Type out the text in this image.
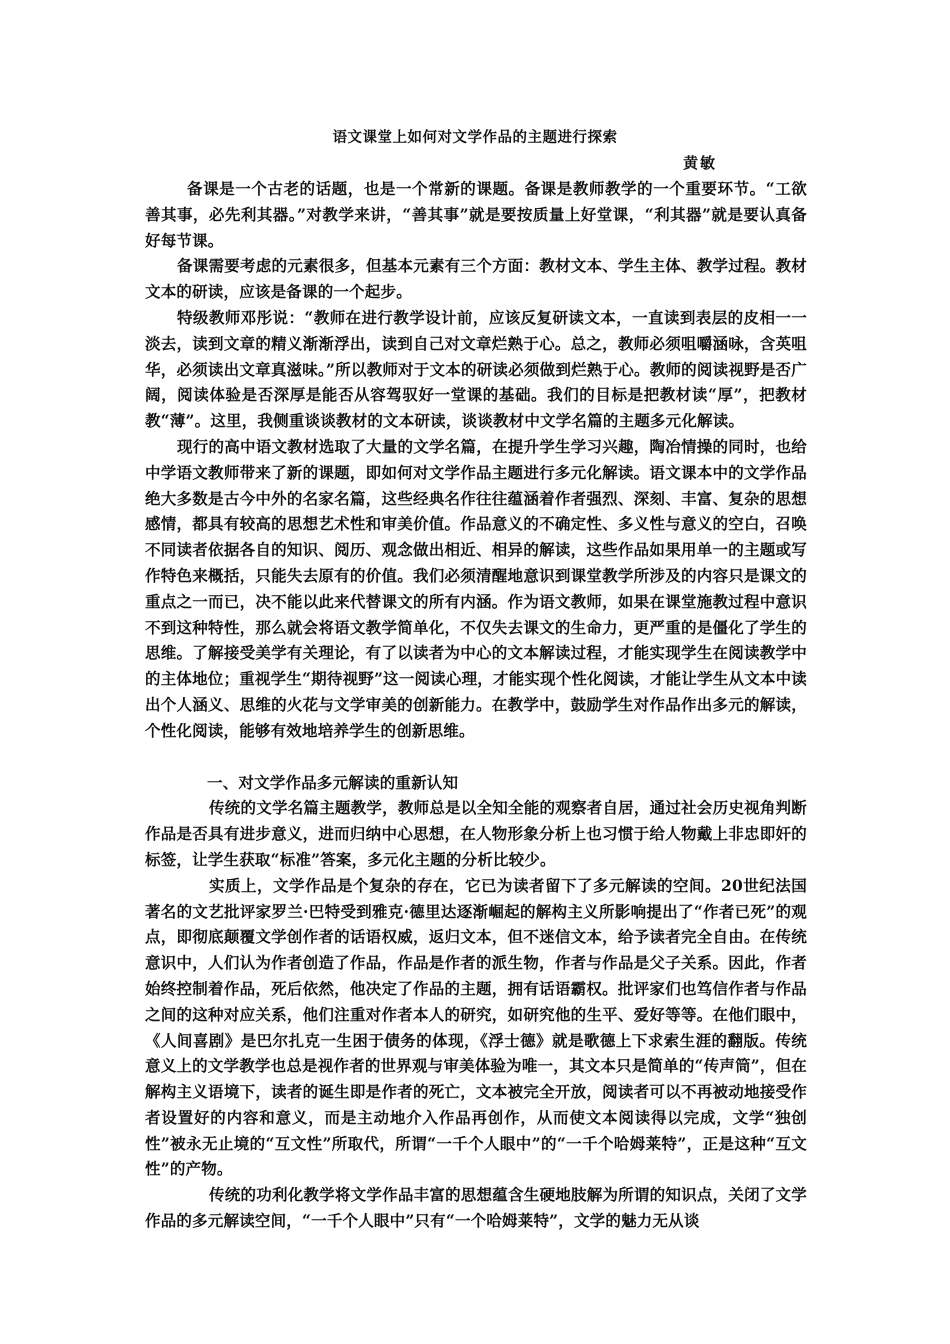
语文课堂上如何对文学作品的主题进行探索
黄敏

备课是一个古老的话题，也是一个常新的课题。备课是教师教学的一个重要环节。“工欲善其事，必先利其器。”对教学来讲，“善其事”就是要按质量上好堂课，“利其器”就是要认真备好每节课。

备课需要考虑的元素很多，但基本元素有三个方面：教材文本、学生主体、教学过程。教材文本的研读，应该是备课的一个起步。

特级教师邓彤说：“教师在进行教学设计前，应该反复研读文本，一直读到表层的皮相一一淡去，读到文章的精义渐渐浮出，读到自己对文章烂熟于心。总之，教师必须咀嚼涵咏，含英咀华，必须读出文章真滋味。”所以教师对于文本的研读必须做到烂熟于心。教师的阅读视野是否广阔，阅读体验是否深厚是能否从容驾驭好一堂课的基础。我们的目标是把教材读“厚”，把教材教“薄”。这里，我侧重谈谈教材的文本研读，谈谈教材中文学名篇的主题多元化解读。

现行的高中语文教材选取了大量的文学名篇，在提升学生学习兴趣，陶冶情操的同时，也给中学语文教师带来了新的课题，即如何对文学作品主题进行多元化解读。语文课本中的文学作品绝大多数是古今中外的名家名篇，这些经典名作往往蕴涵着作者强烈、深刻、丰富、复杂的思想感情，都具有较高的思想艺术性和审美价值。作品意义的不确定性、多义性与意义的空白，召唤不同读者依据各自的知识、阅历、观念做出相近、相异的解读，这些作品如果用单一的主题或写作特色来概括，只能失去原有的价值。我们必须清醒地意识到课堂教学所涉及的内容只是课文的重点之一而已，决不能以此来代替课文的所有内涵。作为语文教师，如果在课堂施教过程中意识不到这种特性，那么就会将语文教学简单化，不仅失去课文的生命力，更严重的是僵化了学生的思维。了解接受美学有关理论，有了以读者为中心的文本解读过程，才能实现学生在阅读教学中的主体地位；重视学生“期待视野”这一阅读心理，才能实现个性化阅读，才能让学生从文本中读出个人涵义、思维的火花与文学审美的创新能力。在教学中，鼓励学生对作品作出多元的解读，个性化阅读，能够有效地培养学生的创新思维。

一、对文学作品多元解读的重新认知

传统的文学名篇主题教学，教师总是以全知全能的观察者自居，通过社会历史视角判断作品是否具有进步意义，进而归纳中心思想，在人物形象分析上也习惯于给人物戴上非忠即奸的标签，让学生获取“标准”答案，多元化主题的分析比较少。

实质上，文学作品是个复杂的存在，它已为读者留下了多元解读的空间。20世纪法国著名的文艺批评家罗兰·巴特受到雅克·德里达逐渐崛起的解构主义所影响提出了“作者已死”的观点，即彻底颠覆文学创作者的话语权威，返归文本，但不迷信文本，给予读者完全自由。在传统意识中，人们认为作者创造了作品，作品是作者的派生物，作者与作品是父子关系。因此，作者始终控制着作品，死后依然，他决定了作品的主题，拥有话语霸权。批评家们也笃信作者与作品之间的这种对应关系，他们注重对作者本人的研究，如研究他的生平、爱好等等。在他们眼中，《人间喜剧》是巴尔扎克一生困于债务的体现，《浮士德》就是歌德上下求索生涯的翻版。传统意义上的文学教学也总是视作者的世界观与审美体验为唯一，其文本只是简单的“传声筒”，但在解构主义语境下，读者的诞生即是作者的死亡，文本被完全开放，阅读者可以不再被动地接受作者设置好的内容和意义，而是主动地介入作品再创作，从而使文本阅读得以完成，文学“独创性”被永无止境的“互文性”所取代，所谓“一千个人眼中”的“一千个哈姆莱特”，正是这种“互文性”的产物。

传统的功利化教学将文学作品丰富的思想蕴含生硬地肢解为所谓的知识点，关闭了文学作品的多元解读空间，“一千个人眼中”只有“一个哈姆莱特”，文学的魅力无从谈
